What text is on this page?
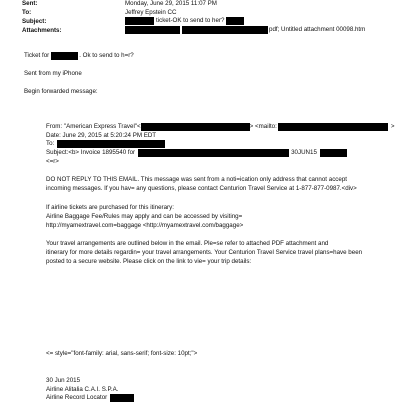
Sent:	Monday, June 29, 2015 11:07 PM
To:	Jeffrey Epstein CC
Subject:	ticket-OK to send to her?
Attachments:	pdf; Untitled attachment 00098.htm
Ticket for	. Ok to send to h=r?
Sent from my iPhone
Begin forwarded message:
From: "American Express Travel"<	> <mailto:	>
Date: June 29, 2015 at 5:20:24 PM EDT
To:
Subject:<b> Invoice 1895540 for	30JUN15
<=r>
DO NOT REPLY TO THIS EMAIL. This message was sent from a noti=ication only address that cannot accept
incoming messages. If you hav= any questions, please contact Centurion Travel Service at 1-877-877-0987.<div>
If airline tickets are purchased for this itinerary:
Airline Baggage Fee/Rules may apply and can be accessed by visiting=
http://myamextravel.com=baggage <http://myamextravel.com/baggage>
Your travel arrangements are outlined below in the email. Ple=se refer to attached PDF attachment and
itinerary for more details regardin= your travel arrangements. Your Centurion Travel Service travel plans=have been
posted to a secure website. Please click on the link to vie= your trip details:
<= style="font-family: arial, sans-serif; font-size: 10pt;">
30 Jun 2015
Airline Alitalia C.A.I. S.P.A.
Airline Record Locator
